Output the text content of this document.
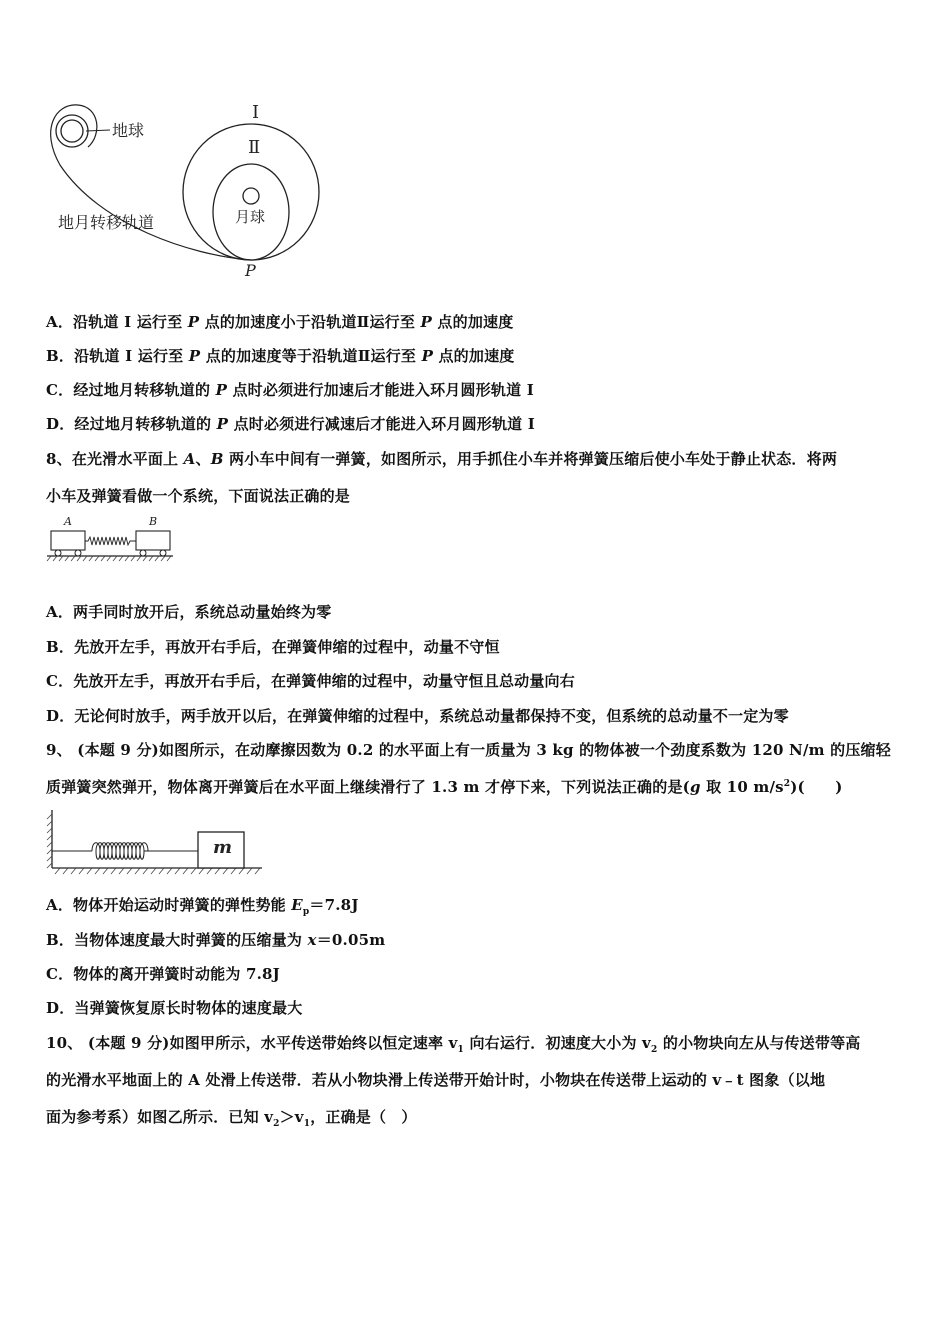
地球
地月转移轨道	月球
Ⅰ
Ⅱ
P
A．沿轨道 I 运行至 P 点的加速度小于沿轨道Ⅱ运行至 P 点的加速度
B．沿轨道 I 运行至 P 点的加速度等于沿轨道Ⅱ运行至 P 点的加速度
C．经过地月转移轨道的 P 点时必须进行加速后才能进入环月圆形轨道 I
D．经过地月转移轨道的 P 点时必须进行减速后才能进入环月圆形轨道 I
8、在光滑水平面上 A、B 两小车中间有一弹簧，如图所示，用手抓住小车并将弹簧压缩后使小车处于静止状态．将两
小车及弹簧看做一个系统，下面说法正确的是
A	B
A．两手同时放开后，系统总动量始终为零
B．先放开左手，再放开右手后，在弹簧伸缩的过程中，动量不守恒
C．先放开左手，再放开右手后，在弹簧伸缩的过程中，动量守恒且总动量向右
D．无论何时放手，两手放开以后，在弹簧伸缩的过程中，系统总动量都保持不变，但系统的总动量不一定为零
9、 (本题 9 分)如图所示，在动摩擦因数为 0.2 的水平面上有一质量为 3 kg 的物体被一个劲度系数为 120 N/m 的压缩轻
质弹簧突然弹开，物体离开弹簧后在水平面上继续滑行了 1.3 m 才停下来，下列说法正确的是(g 取 10 $m/s^2$)(　　)
m
A．物体开始运动时弹簧的弹性势能 $E_p=7.8J$
B．当物体速度最大时弹簧的压缩量为 x＝0.05m
C．物体的离开弹簧时动能为 7.8J
D．当弹簧恢复原长时物体的速度最大
10、 (本题 9 分)如图甲所示，水平传送带始终以恒定速率 $v_1$ 向右运行．初速度大小为 $v_2$ 的小物块向左从与传送带等高
的光滑水平地面上的 A 处滑上传送带．若从小物块滑上传送带开始计时，小物块在传送带上运动的 v﹣t 图象（以地
面为参考系）如图乙所示．已知 $v_2>v_1$，正确是（　）
